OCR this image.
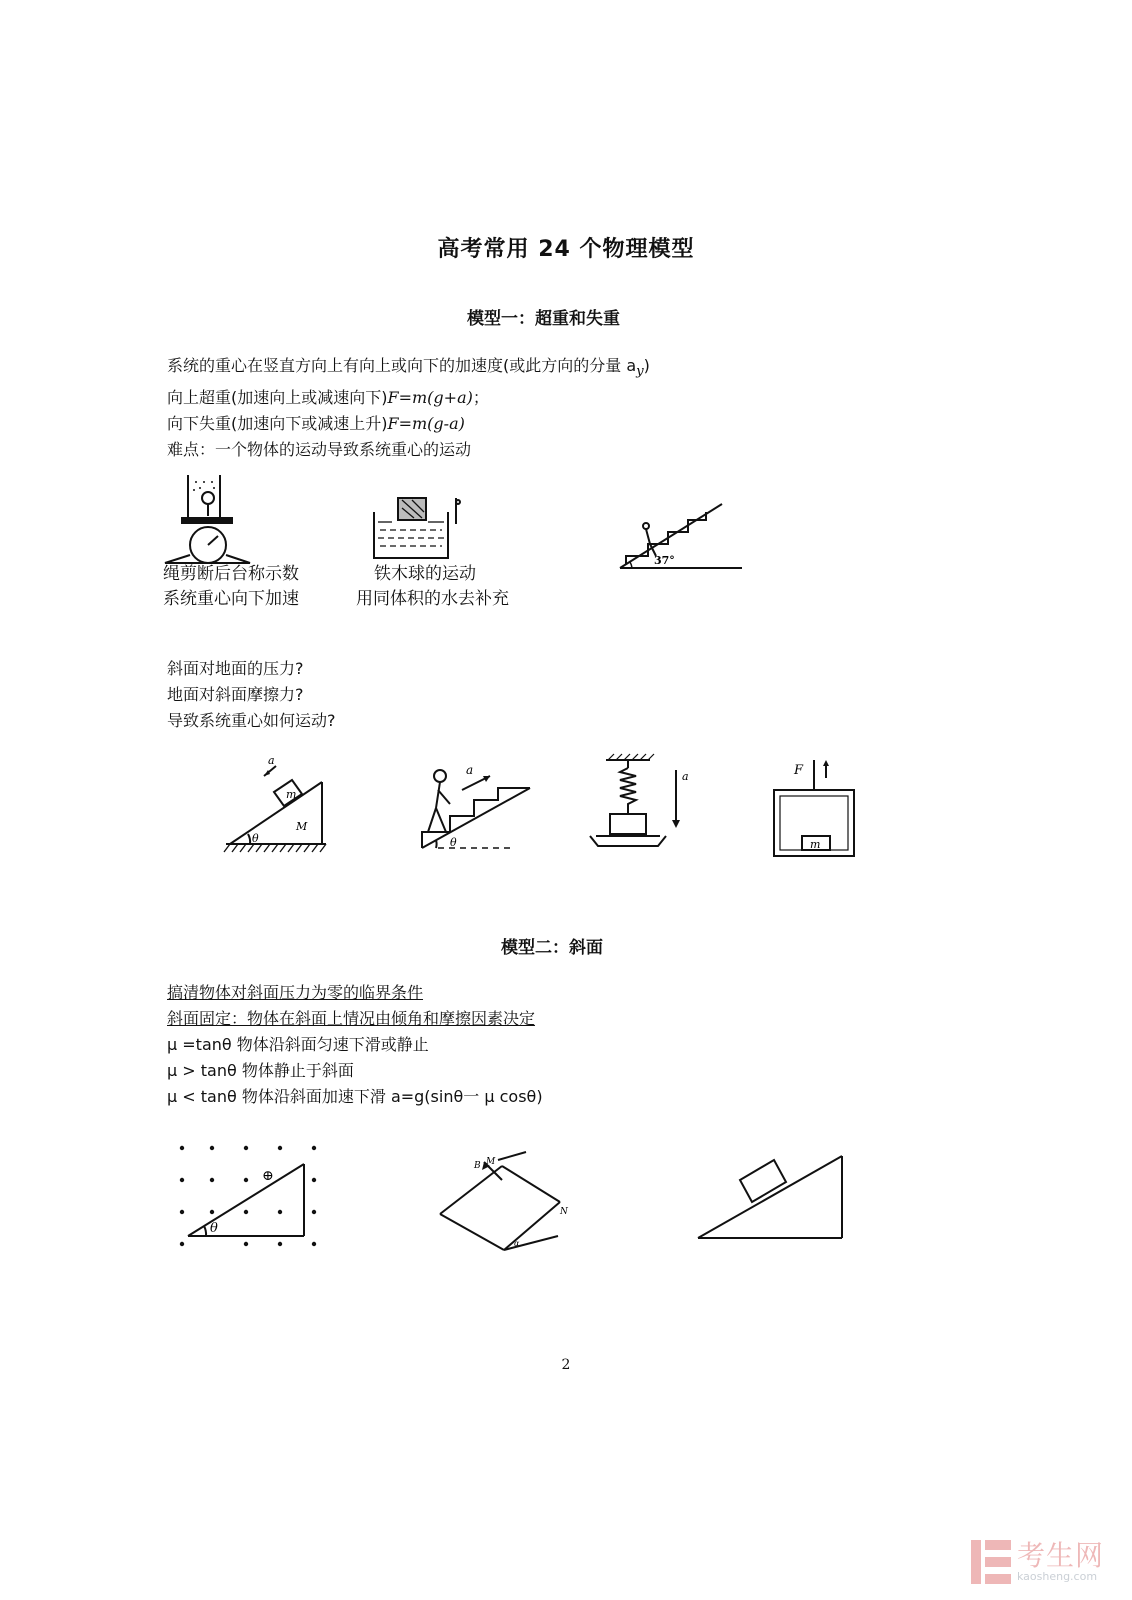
高考常用 24 个物理模型
模型一：超重和失重
系统的重心在竖直方向上有向上或向下的加速度(或此方向的分量 $a_y$)
向上超重(加速向上或减速向下)F=m(g+a)；
向下失重(加速向下或减速上升)F=m(g-a)
难点：一个物体的运动导致系统重心的运动
绳剪断后台称示数
系统重心向下加速
铁木球的运动
用同体积的水去补充
37°
斜面对地面的压力?
地面对斜面摩擦力?
导致系统重心如何运动?
a
m
M
θ
a
θ
a	F
m
模型二：斜面
搞清物体对斜面压力为零的临界条件
斜面固定：物体在斜面上情况由倾角和摩擦因素决定
μ =tanθ 物体沿斜面匀速下滑或静止
μ > tanθ 物体静止于斜面
μ < tanθ 物体沿斜面加速下滑 a=g(sinθ一 μ cosθ)
⊕
θ
B M
N
α
2
考生网
kaosheng.com
